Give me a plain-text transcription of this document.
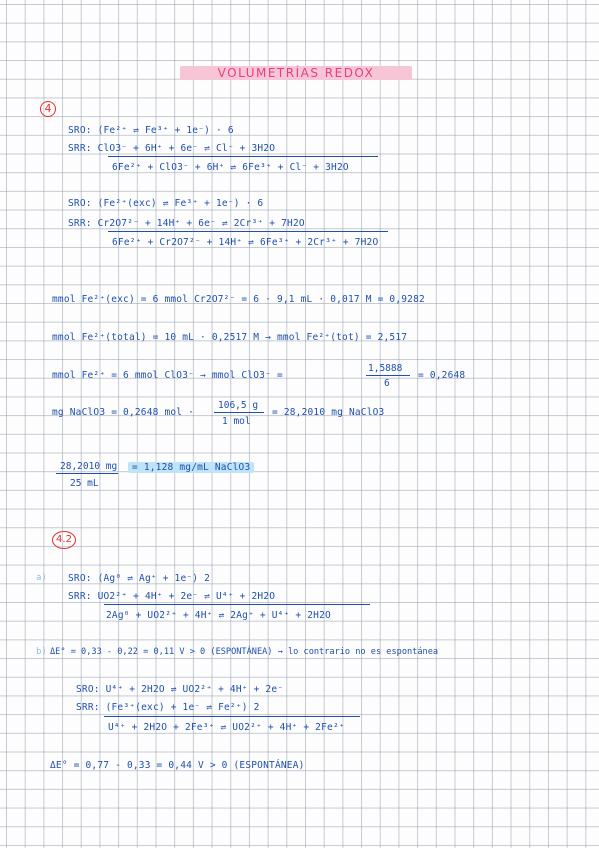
VOLUMETRÍAS REDOX
4
SRO: (Fe²⁺ ⇌ Fe³⁺ + 1e⁻) · 6
SRR: ClO3⁻ + 6H⁺ + 6e⁻ ⇌ Cl⁻ + 3H2O
6Fe²⁺ + ClO3⁻ + 6H⁺ ⇌ 6Fe³⁺ + Cl⁻ + 3H2O
SRO: (Fe²⁺(exc) ⇌ Fe³⁺ + 1e⁻) · 6
SRR: Cr2O7²⁻ + 14H⁺ + 6e⁻ ⇌ 2Cr³⁺ + 7H2O
6Fe²⁺ + Cr2O7²⁻ + 14H⁺ ⇌ 6Fe³⁺ + 2Cr³⁺ + 7H2O
mmol Fe²⁺(exc) = 6 mmol Cr2O7²⁻ = 6 · 9,1 mL · 0,017 M = 0,9282
mmol Fe²⁺(total) = 10 mL · 0,2517 M → mmol Fe²⁺(tot) = 2,517
mmol Fe²⁺ = 6 mmol ClO3⁻ → mmol ClO3⁻ =
1,5888
6
= 0,2648
mg NaClO3 = 0,2648 mol ·
106,5 g
1 mol
= 28,2010 mg NaClO3
28,2010 mg
25 mL
= 1,128 mg/mL NaClO3
4.2
a) SRO: (Ag⁰ ⇌ Ag⁺ + 1e⁻) 2
SRR: UO2²⁺ + 4H⁺ + 2e⁻ ⇌ U⁴⁺ + 2H2O
2Ag⁰ + UO2²⁺ + 4H⁺ ⇌ 2Ag⁺ + U⁴⁺ + 2H2O
b) ΔE° = 0,33 - 0,22 = 0,11 V > 0 (ESPONTÁNEA) → lo contrario no es espontánea
SRO: U⁴⁺ + 2H2O ⇌ UO2²⁺ + 4H⁺ + 2e⁻
SRR: (Fe³⁺(exc) + 1e⁻ ⇌ Fe²⁺) 2
U⁴⁺ + 2H2O + 2Fe³⁺ ⇌ UO2²⁺ + 4H⁺ + 2Fe²⁺
ΔE° = 0,77 - 0,33 = 0,44 V > 0 (ESPONTÁNEA)
